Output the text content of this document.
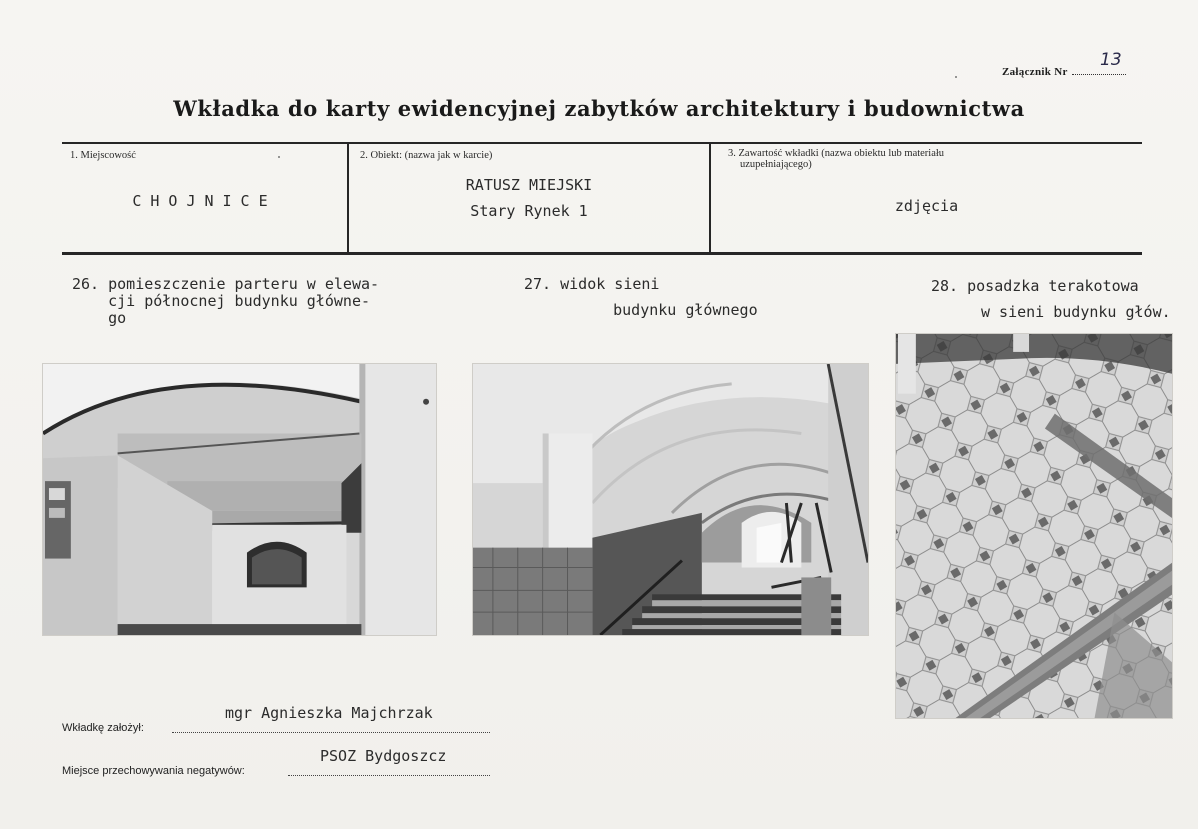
13
Załącznik Nr
Wkładka do karty ewidencyjnej zabytków architektury i budownictwa
1. Miejscowość
CHOJNICE
2. Obiekt: (nazwa jak w karcie)
RATUSZ MIEJSKI
Stary Rynek 1
3. Zawartość wkładki (nazwa obiektu lub materiału
uzupełniającego)
zdjęcia
26. pomieszczenie parteru w elewa-
cji północnej budynku główne-
go
27. widok sieni
budynku głównego
28. posadzka terakotowa
w sieni budynku głów.
mgr Agnieszka Majchrzak
Wkładkę założył:
PSOZ Bydgoszcz
Miejsce przechowywania negatywów:
